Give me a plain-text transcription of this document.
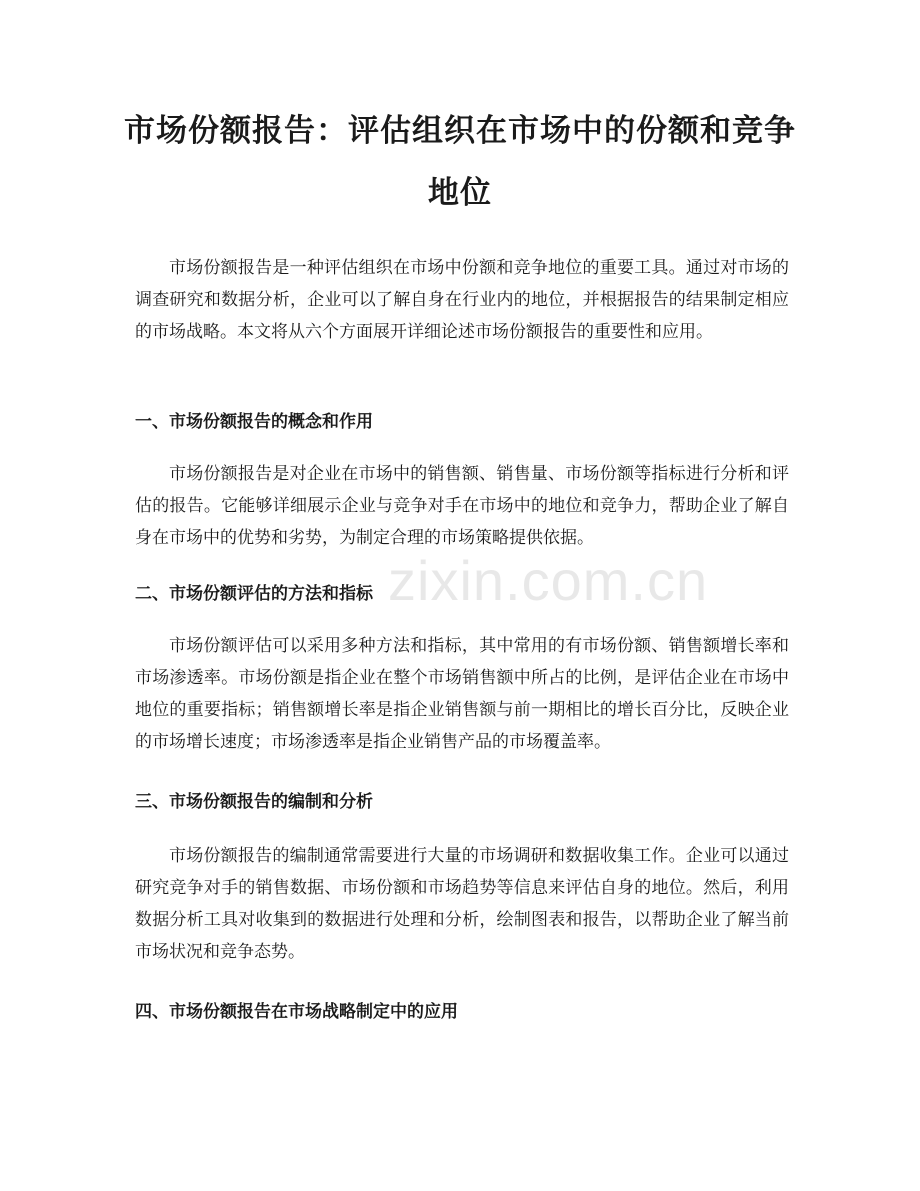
市场份额报告：评估组织在市场中的份额和竞争地位

市场份额报告是一种评估组织在市场中份额和竞争地位的重要工具。通过对市场的调查研究和数据分析，企业可以了解自身在行业内的地位，并根据报告的结果制定相应的市场战略。本文将从六个方面展开详细论述市场份额报告的重要性和应用。

一、市场份额报告的概念和作用

市场份额报告是对企业在市场中的销售额、销售量、市场份额等指标进行分析和评估的报告。它能够详细展示企业与竞争对手在市场中的地位和竞争力，帮助企业了解自身在市场中的优势和劣势，为制定合理的市场策略提供依据。

二、市场份额评估的方法和指标

市场份额评估可以采用多种方法和指标，其中常用的有市场份额、销售额增长率和市场渗透率。市场份额是指企业在整个市场销售额中所占的比例，是评估企业在市场中地位的重要指标；销售额增长率是指企业销售额与前一期相比的增长百分比，反映企业的市场增长速度；市场渗透率是指企业销售产品的市场覆盖率。

三、市场份额报告的编制和分析

市场份额报告的编制通常需要进行大量的市场调研和数据收集工作。企业可以通过研究竞争对手的销售数据、市场份额和市场趋势等信息来评估自身的地位。然后，利用数据分析工具对收集到的数据进行处理和分析，绘制图表和报告，以帮助企业了解当前市场状况和竞争态势。

四、市场份额报告在市场战略制定中的应用
zixin.com.cn
